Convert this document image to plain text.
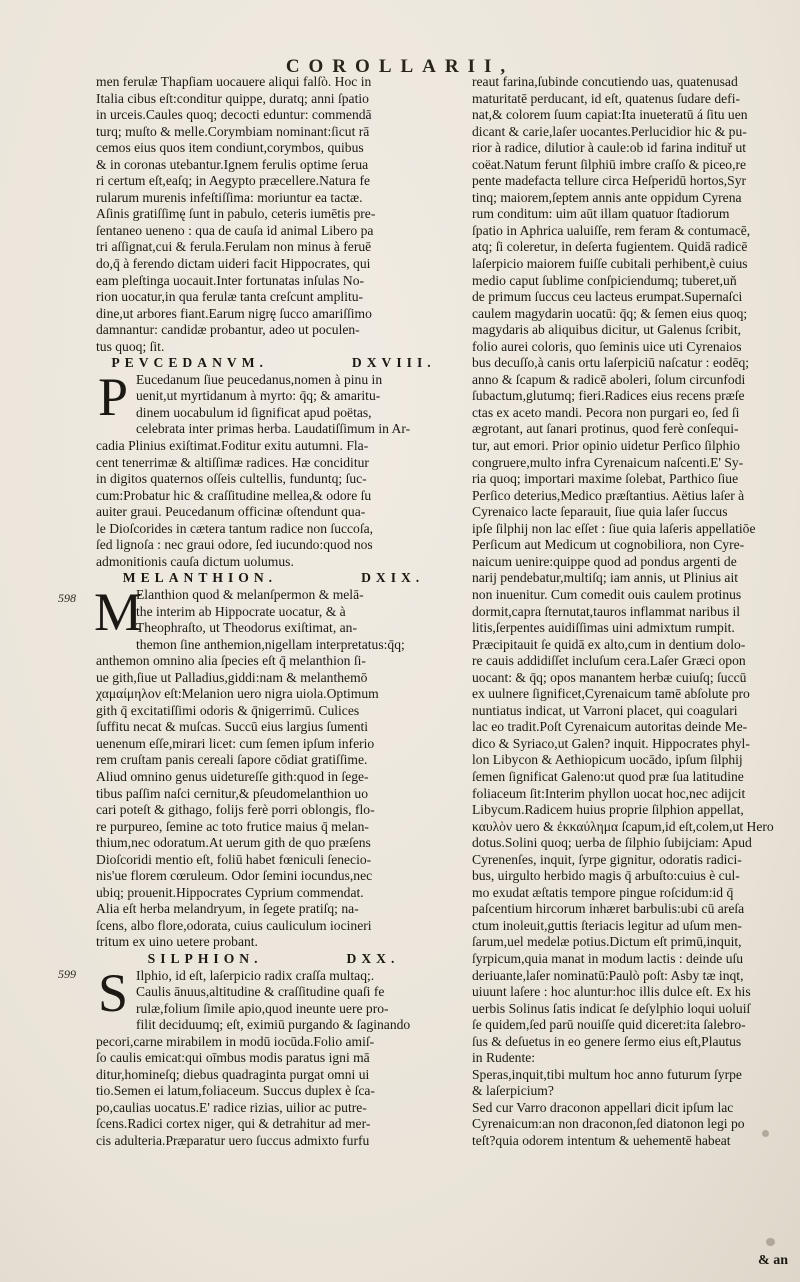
COROLLARII,
598
599
men ferulæ Thapſiam uocauere aliqui falſò. Hoc in
Italia cibus eſt:conditur quippe, duratq; anni ſpatio
in urceis.Caules quoq; decocti eduntur: commendā
turq; muſto & melle.Corymbiam nominant:ſicut rā
cemos eius quos item condiunt,corymbos, quibus
& in coronas utebantur.Ignem ferulis optime ſerua
ri certum eſt,eaſq; in Aegypto præcellere.Natura fe
rularum murenis infeſtiſſima: moriuntur ea tactæ.
Aſinis gratiſſimę ſunt in pabulo, ceteris iumētis pre-
ſentaneo ueneno : qua de cauſa id animal Libero pa
tri aſſignat,cui & ferula.Ferulam non minus à feruē
do,q̄ à ferendo dictam uideri facit Hippocrates, qui
eam pleſtinga uocauit.Inter fortunatas inſulas No-
rion uocatur,in qua ferulæ tanta creſcunt amplitu-
dine,ut arbores fiant.Earum nigrę ſucco amariſſimo
damnantur: candidæ probantur, adeo ut poculen-
tus quoq; ſit.
PEVCEDANVM.          DXVIII.
P Eucedanum ſiue peucedanus,nomen à pinu in
uenit,ut myrtidanum à myrto: q̄q; & amaritu-
dinem uocabulum id ſignificat apud poëtas,
celebrata inter primas herba. Laudatiſſimum in Ar-
cadia Plinius exiſtimat.Foditur exitu autumni. Fla-
cent tenerrimæ & altiſſimæ radices. Hæ conciditur
in digitos quaternos oſſeis cultellis, funduntq; ſuc-
cum:Probatur hic & craſſitudine mellea,& odore ſu
auiter graui. Peucedanum officinæ oſtendunt qua-
le Dioſcorides in cætera tantum radice non ſuccoſa,
ſed lignoſa : nec graui odore, ſed iucundo:quod nos
admonitionis cauſa dictum uolumus.
MELANTHION.          DXIX.
M
Elanthion quod & melanſpermon & melā-
the interim ab Hippocrate uocatur, & à
Theophraſto, ut Theodorus exiſtimat, an-
themon ſine anthemion,nigellam interpretatus:q̄q;
anthemon omnino alia ſpecies eſt q̄ melanthion ſi-
ue gith,ſiue ut Palladius,giddi:nam & melanthemō
χαμαίμηλον eſt:Melanion uero nigra uiola.Optimum
gith q̄ excitatiſſimi odoris & q̄nigerrimū. Culices
ſuffitu necat & muſcas. Succū eius largius ſumenti
uenenum eſſe,mirari licet: cum ſemen ipſum inferio
rem cruſtam panis cereali ſapore cōdiat gratiſſime.
Aliud omnino genus uidetureſſe gith:quod in ſege-
tibus paſſim naſci cernitur,& pſeudomelanthion uo
cari poteſt & githago, folijs ferè porri oblongis, flo-
re purpureo, ſemine ac toto frutice maius q̄ melan-
thium,nec odoratum.At uerum gith de quo præſens
Dioſcoridi mentio eſt, foliū habet fœniculi ſenecio-
nis'ue florem cœruleum. Odor ſemini iocundus,nec
ubiq; prouenit.Hippocrates Cyprium commendat.
Alia eſt herba melandryum, in ſegete pratiſq; na-
ſcens, albo flore,odorata, cuius cauliculum iocineri
tritum ex uino uetere probant.
SILPHION.          DXX.
S Ilphio, id eſt, laſerpicio radix craſſa multaq;.
Caulis ānuus,altitudine & craſſitudine quaſi fe
rulæ,folium ſimile apio,quod ineunte uere pro-
filit deciduumq; eſt, eximiū purgando & ſaginando
pecori,carne mirabilem in modū iocūda.Folio amiſ-
ſo caulis emicat:qui oīmbus modis paratus igni mā
ditur,homineſq; diebus quadraginta purgat omni ui
tio.Semen ei latum,foliaceum. Succus duplex è ſca-
po,caulias uocatus.E' radice rizias, uilior ac putre-
ſcens.Radici cortex niger, qui & detrahitur ad mer-
cis adulteria.Præparatur uero ſuccus admixto furfu
reaut farina,ſubinde concutiendo uas, quatenusad
maturitatē perducant, id eſt, quatenus ſudare defi-
nat,& colorem ſuum capiat:Ita inueteratū á ſitu uen
dicant & carie,laſer uocantes.Perlucidior hic & pu-
rior à radice, dilutior à caule:ob id farina indituř ut
coëat.Natum ferunt ſilphiū imbre craſſo & piceo,re
pente madefacta tellure circa Heſperidū hortos,Syr
tinq; maiorem,ſeptem annis ante oppidum Cyrena
rum conditum: uim aūt illam quatuor ſtadiorum
ſpatio in Aphrica ualuiſſe, rem feram & contumacē,
atq; ſi coleretur, in deſerta fugientem. Quidā radicē
laſerpicio maiorem fuiſſe cubitali perhibent,è cuius
medio caput ſublime conſpiciendumq; tuberet,uň
de primum ſuccus ceu lacteus erumpat.Supernaſci
caulem magydarin uocatū: q̄q; & ſemen eius quoq;
magydaris ab aliquibus dicitur, ut Galenus ſcribit,
folio aurei coloris, quo ſeminis uice uti Cyrenaios
bus decuſſo,à canis ortu laſerpiciū naſcatur : eodēq;
anno & ſcapum & radicē aboleri, ſolum circunfodi
ſubactum,glutumq; fieri.Radices eius recens præſe
ctas ex aceto mandi. Pecora non purgari eo, ſed ſi
ægrotant, aut ſanari protinus, quod ferè conſequi-
tur, aut emori. Prior opinio uidetur Perſico ſilphio
congruere,multo infra Cyrenaicum naſcenti.E' Sy-
ria quoq; importari maxime ſolebat, Parthico ſiue
Perſico deterius,Medico præſtantius. Aëtius laſer à
Cyrenaico lacte ſeparauit, ſiue quia laſer ſuccus
ipſe ſilphij non lac eſſet : ſiue quia laſeris appellatiōe
Perſicum aut Medicum ut cognobiliora, non Cyre-
naicum uenire:quippe quod ad pondus argenti de
narij pendebatur,multiſq; iam annis, ut Plinius ait
non inuenitur. Cum comedit ouis caulem protinus
dormit,capra ſternutat,tauros inflammat naribus il
litis,ſerpentes auidiſſimas uini admixtum rumpit.
Præcipitauit ſe quidā ex alto,cum in dentium dolo-
re cauis addidiſſet incluſum cera.Laſer Græci opon
uocant: & q̄q; opos manantem herbæ cuiuſq; ſuccū
ex uulnere ſignificet,Cyrenaicum tamē abſolute pro
nuntiatus indicat, ut Varroni placet, qui coagulari
lac eo tradit.Poſt Cyrenaicum autoritas deinde Me-
dico & Syriaco,ut Galen? inquit. Hippocrates phyl-
lon Libycon & Aethiopicum uocādo, ipſum ſilphij
ſemen ſignificat Galeno:ut quod præ ſua latitudine
foliaceum ſit:Interim phyllon uocat hoc,nec adijcit
Libycum.Radicem huius proprie ſilphion appellat,
καυλὸν uero & ἐκκαύλημα ſcapum,id eſt,colem,ut Hero
dotus.Solini quoq; uerba de ſilphio ſubijciam: Apud
Cyrenenſes, inquit, ſyrpe gignitur, odoratis radici-
bus, uirgulto herbido magis q̄ arbuſto:cuius è cul-
mo exudat æſtatis tempore pingue roſcidum:id q̄
paſcentium hircorum inhæret barbulis:ubi cū areſa
ctum inoleuit,guttis ſteriacis legitur ad uſum men-
ſarum,uel medelæ potius.Dictum eſt primū,inquit,
ſyrpicum,quia manat in modum lactis : deinde uſu
deriuante,laſer nominatū:Paulò poſt: Asby tæ inqt,
uiuunt laſere : hoc aluntur:hoc illis dulce eſt. Ex his
uerbis Solinus ſatis indicat ſe deſylphio loqui uoluiſ
ſe quidem,ſed parū nouiſſe quid diceret:ita ſalebro-
ſus & deſuetus in eo genere ſermo eius eſt,Plautus
in Rudente:
Speras,inquit,tibi multum hoc anno futurum ſyrpe
& laſerpicium?
Sed cur Varro draconon appellari dicit ipſum lac
Cyrenaicum:an non draconon,ſed diatonon legi po
teſt?quia odorem intentum & uehementē habeat
& an
